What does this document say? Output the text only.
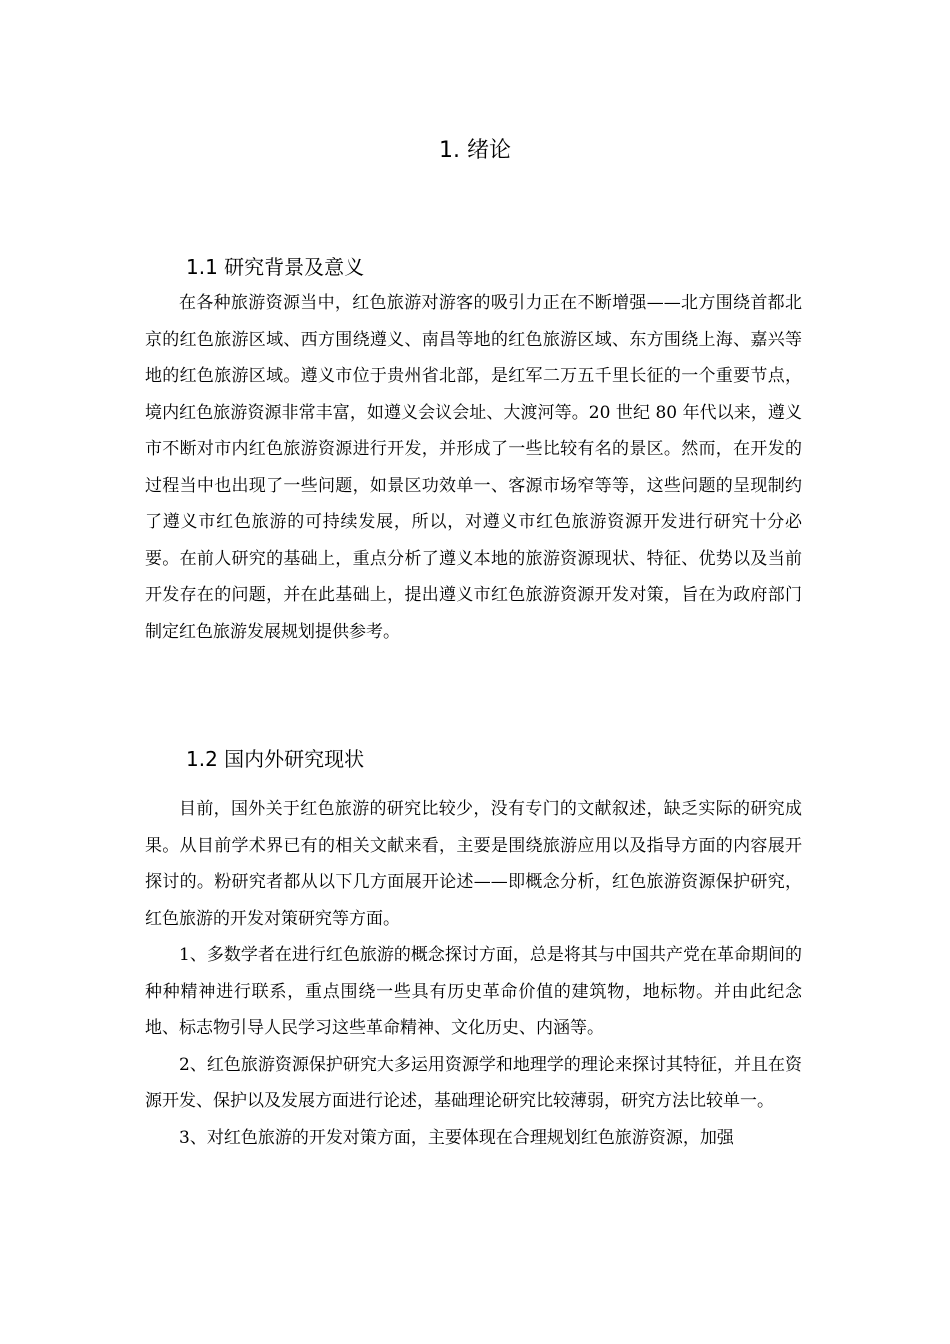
1. 绪论
1.1 研究背景及意义

在各种旅游资源当中，红色旅游对游客的吸引力正在不断增强——北方围绕首都北京的红色旅游区域、西方围绕遵义、南昌等地的红色旅游区域、东方围绕上海、嘉兴等地的红色旅游区域。遵义市位于贵州省北部，是红军二万五千里长征的一个重要节点，境内红色旅游资源非常丰富，如遵义会议会址、大渡河等。20 世纪 80 年代以来，遵义市不断对市内红色旅游资源进行开发，并形成了一些比较有名的景区。然而，在开发的过程当中也出现了一些问题，如景区功效单一、客源市场窄等等，这些问题的呈现制约了遵义市红色旅游的可持续发展，所以，对遵义市红色旅游资源开发进行研究十分必要。在前人研究的基础上，重点分析了遵义本地的旅游资源现状、特征、优势以及当前开发存在的问题，并在此基础上，提出遵义市红色旅游资源开发对策，旨在为政府部门制定红色旅游发展规划提供参考。

1.2 国内外研究现状

目前，国外关于红色旅游的研究比较少，没有专门的文献叙述，缺乏实际的研究成果。从目前学术界已有的相关文献来看，主要是围绕旅游应用以及指导方面的内容展开探讨的。粉研究者都从以下几方面展开论述——即概念分析，红色旅游资源保护研究，红色旅游的开发对策研究等方面。

1、多数学者在进行红色旅游的概念探讨方面，总是将其与中国共产党在革命期间的种种精神进行联系，重点围绕一些具有历史革命价值的建筑物，地标物。并由此纪念地、标志物引导人民学习这些革命精神、文化历史、内涵等。

2、红色旅游资源保护研究大多运用资源学和地理学的理论来探讨其特征，并且在资源开发、保护以及发展方面进行论述，基础理论研究比较薄弱，研究方法比较单一。

3、对红色旅游的开发对策方面，主要体现在合理规划红色旅游资源，加强
